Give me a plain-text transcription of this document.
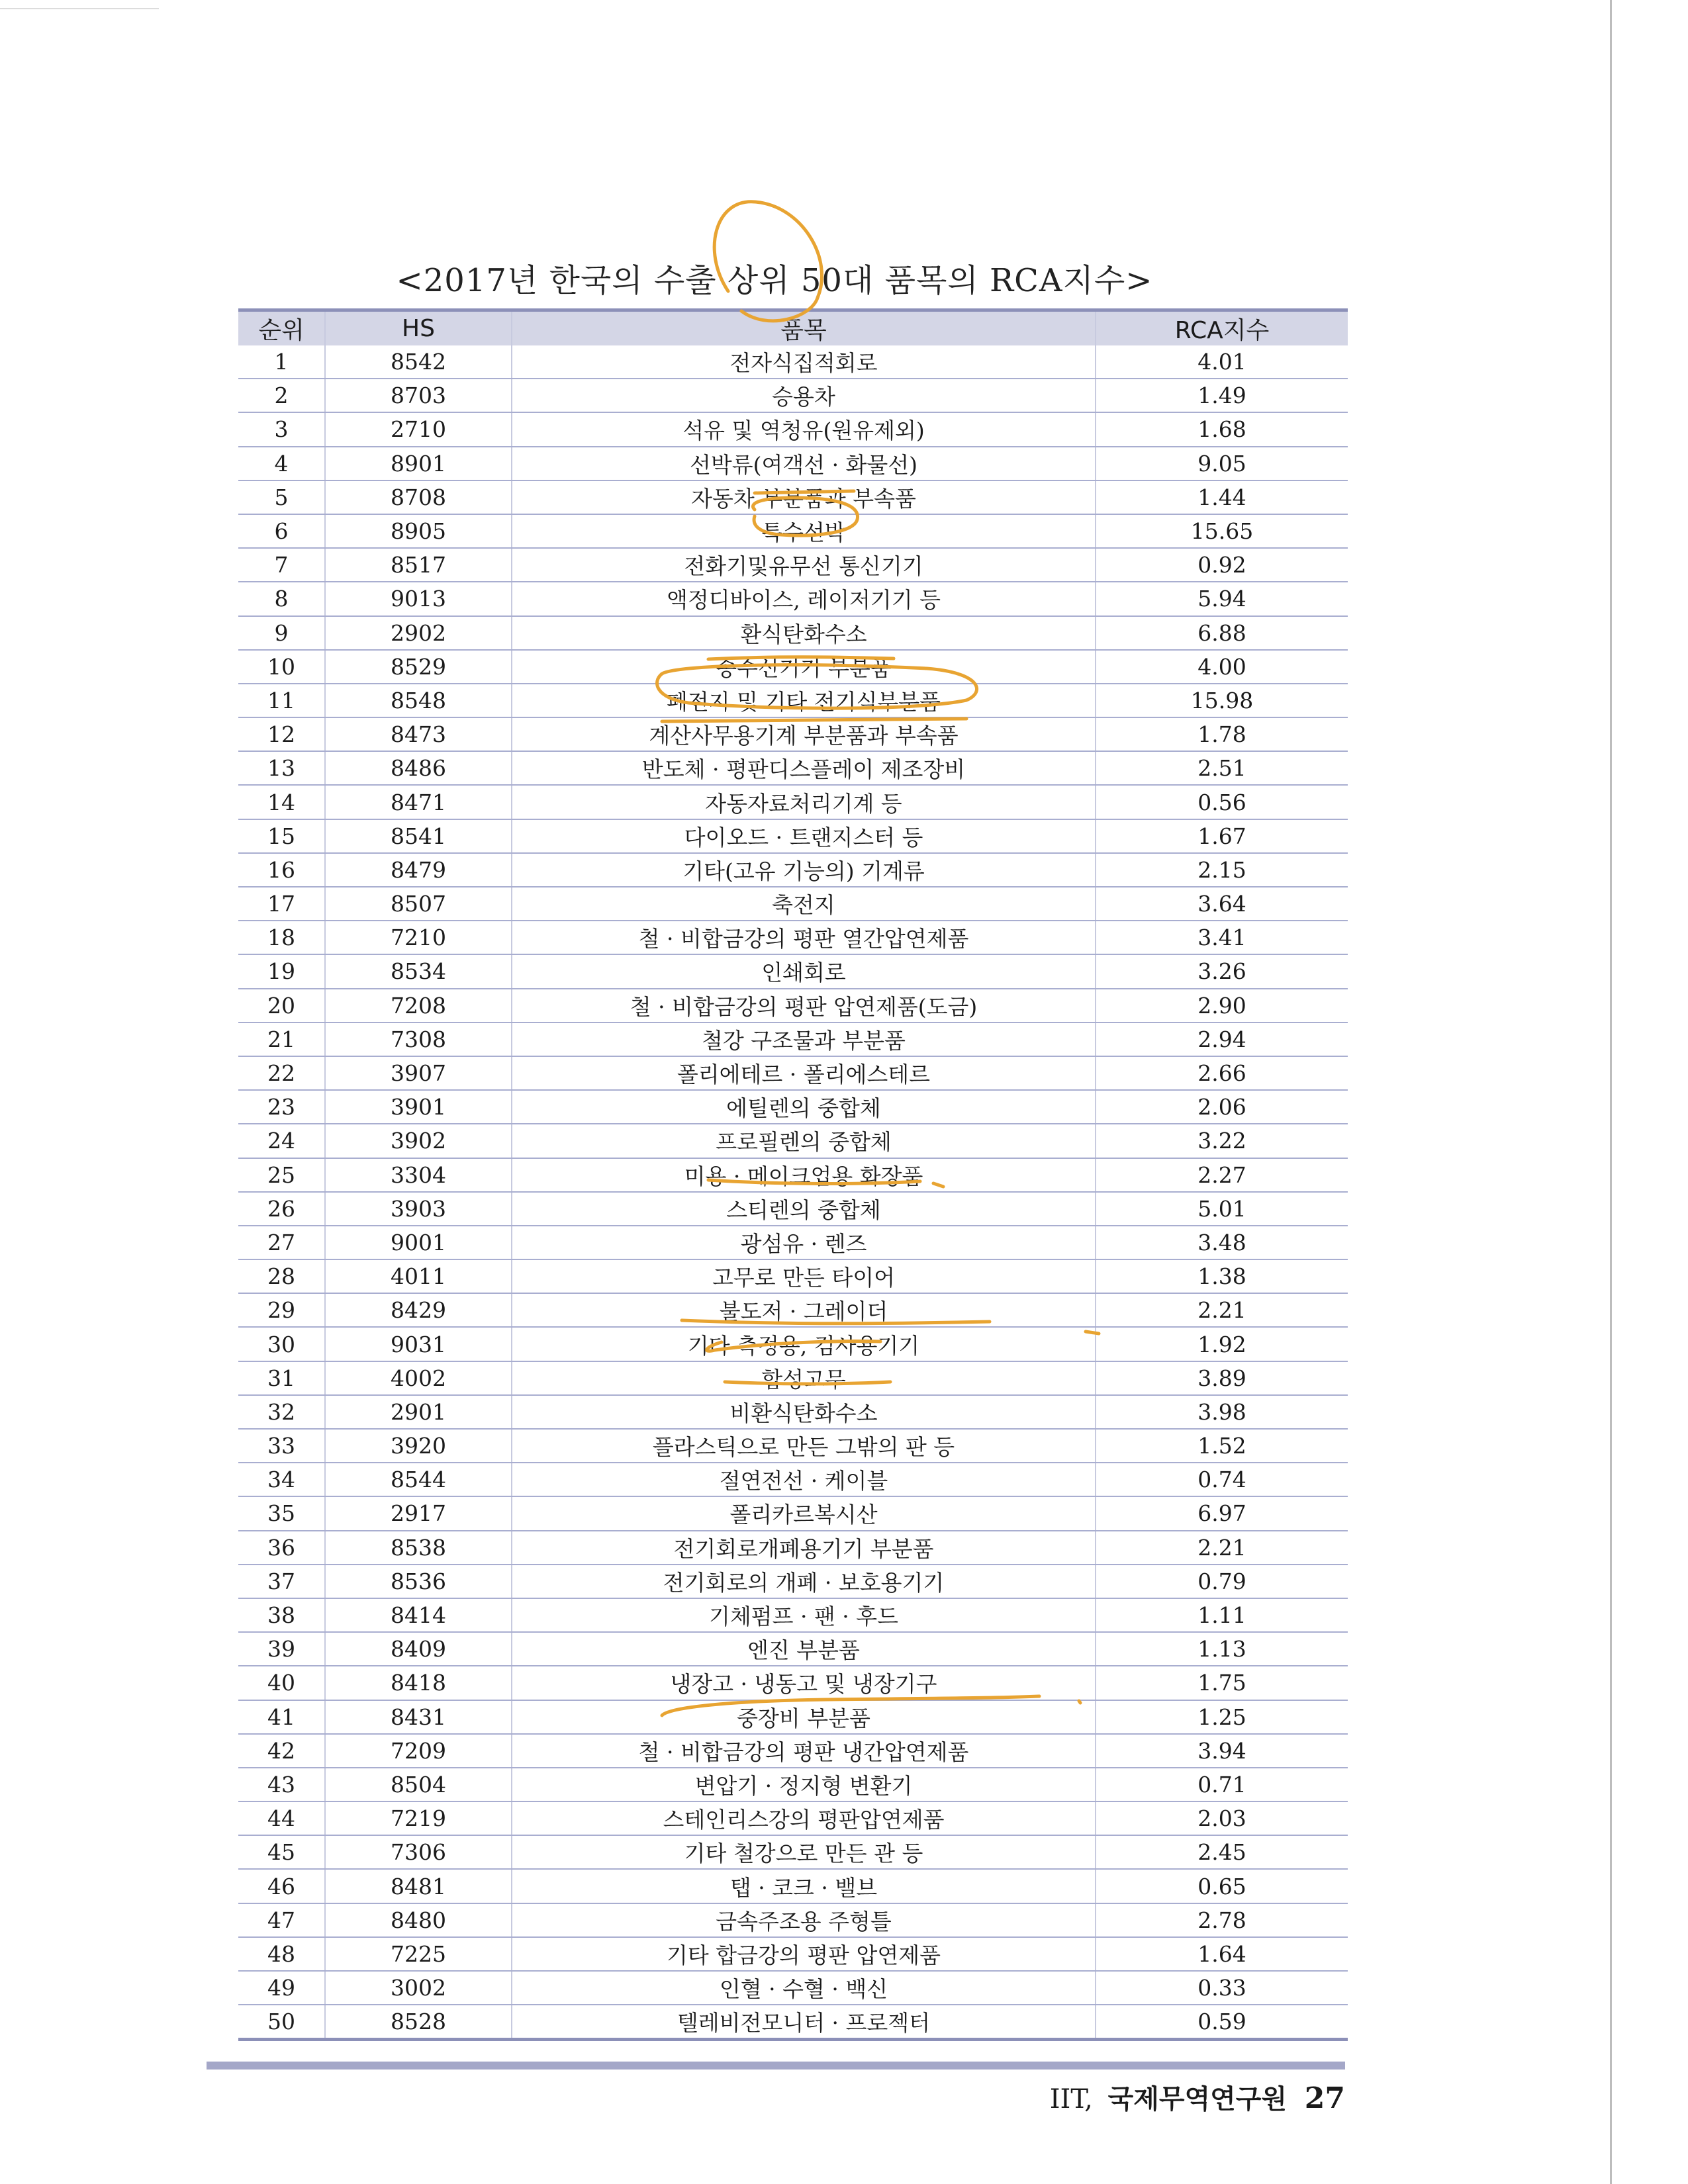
<2017년 한국의 수출 상위 50대 품목의 RCA지수>
순위	HS	품목	RCA지수
1	8542	전자식집적회로	4.01
2	8703	승용차	1.49
3	2710	석유 및 역청유(원유제외)	1.68
4	8901	선박류(여객선 · 화물선)	9.05
5	8708	자동차 부분품과 부속품	1.44
6	8905	특수선박	15.65
7	8517	전화기및유무선 통신기기	0.92
8	9013	액정디바이스, 레이저기기 등	5.94
9	2902	환식탄화수소	6.88
10	8529	송수신기기 부분품	4.00
11	8548	폐전지 및 기타 전기식부분품	15.98
12	8473	계산사무용기계 부분품과 부속품	1.78
13	8486	반도체 · 평판디스플레이 제조장비	2.51
14	8471	자동자료처리기계 등	0.56
15	8541	다이오드 · 트랜지스터 등	1.67
16	8479	기타(고유 기능의) 기계류	2.15
17	8507	축전지	3.64
18	7210	철 · 비합금강의 평판 열간압연제품	3.41
19	8534	인쇄회로	3.26
20	7208	철 · 비합금강의 평판 압연제품(도금)	2.90
21	7308	철강 구조물과 부분품	2.94
22	3907	폴리에테르 · 폴리에스테르	2.66
23	3901	에틸렌의 중합체	2.06
24	3902	프로필렌의 중합체	3.22
25	3304	미용 · 메이크업용 화장품	2.27
26	3903	스티렌의 중합체	5.01
27	9001	광섬유 · 렌즈	3.48
28	4011	고무로 만든 타이어	1.38
29	8429	불도저 · 그레이더	2.21
30	9031	기타 측정용, 검사용기기	1.92
31	4002	합성고무	3.89
32	2901	비환식탄화수소	3.98
33	3920	플라스틱으로 만든 그밖의 판 등	1.52
34	8544	절연전선 · 케이블	0.74
35	2917	폴리카르복시산	6.97
36	8538	전기회로개폐용기기 부분품	2.21
37	8536	전기회로의 개폐 · 보호용기기	0.79
38	8414	기체펌프 · 팬 · 후드	1.11
39	8409	엔진 부분품	1.13
40	8418	냉장고 · 냉동고 및 냉장기구	1.75
41	8431	중장비 부분품	1.25
42	7209	철 · 비합금강의 평판 냉간압연제품	3.94
43	8504	변압기 · 정지형 변환기	0.71
44	7219	스테인리스강의 평판압연제품	2.03
45	7306	기타 철강으로 만든 관 등	2.45
46	8481	탭 · 코크 · 밸브	0.65
47	8480	금속주조용 주형틀	2.78
48	7225	기타 합금강의 평판 압연제품	1.64
49	3002	인혈 · 수혈 · 백신	0.33
50	8528	텔레비전모니터 · 프로젝터	0.59
IIT, 국제무역연구원 27
